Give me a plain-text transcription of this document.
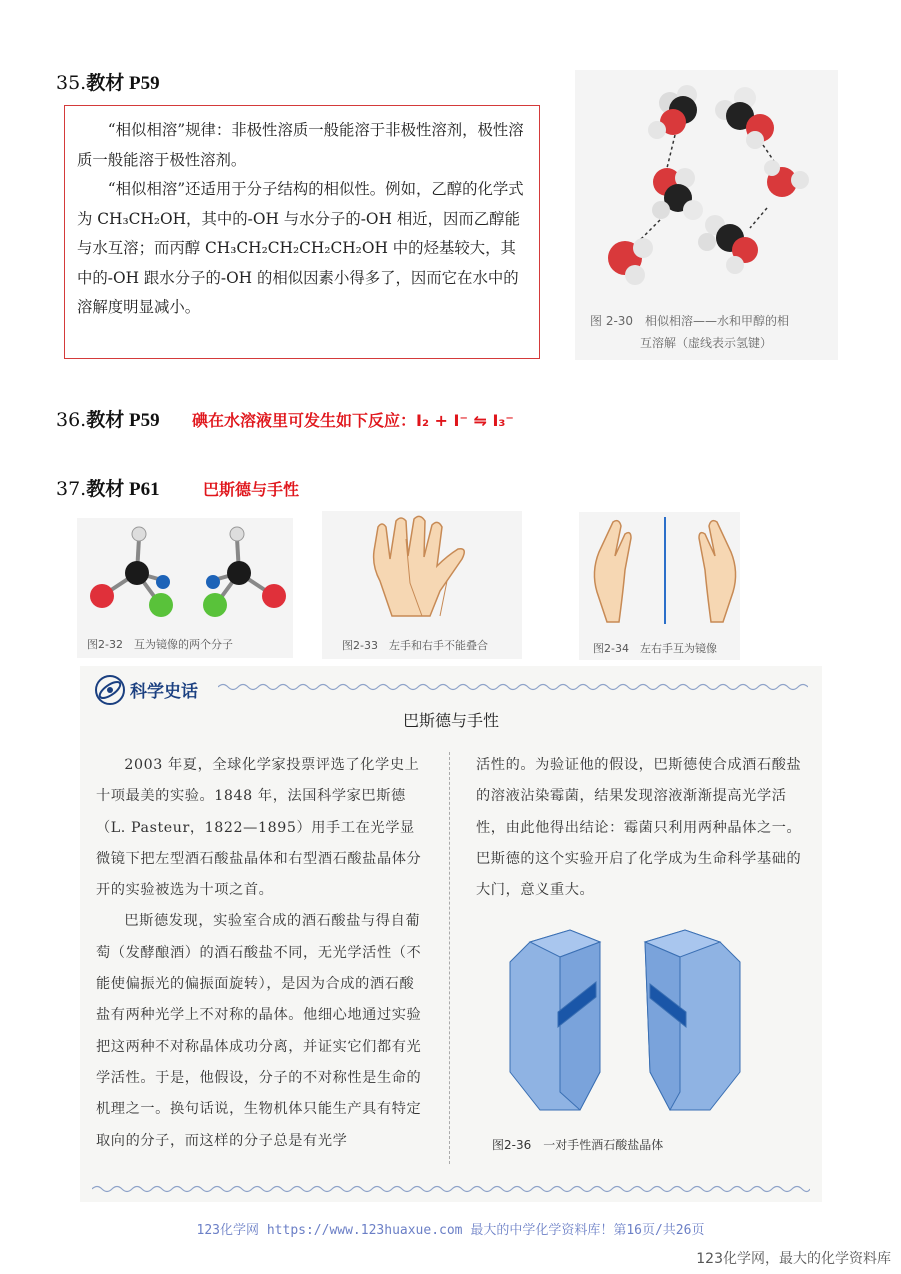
35.教材 P59

“相似相溶”规律：非极性溶质一般能溶于非极性溶剂，极性溶质一般能溶于极性溶剂。

“相似相溶”还适用于分子结构的相似性。例如，乙醇的化学式为 CH₃CH₂OH，其中的-OH 与水分子的-OH 相近，因而乙醇能与水互溶；而丙醇 CH₃CH₂CH₂CH₂CH₂OH 中的烃基较大，其中的-OH 跟水分子的-OH 的相似因素小得多了，因而它在水中的溶解度明显减小。

图 2-30　相似相溶——水和甲醇的相
互溶解（虚线表示氢键）
36.教材 P59 碘在水溶液里可发生如下反应：I₂ + I⁻ ⇋ I₃⁻
37.教材 P61	巴斯德与手性
图2-32　互为镜像的两个分子	图2-33　左手和右手不能叠合	图2-34　左右手互为镜像
科学史话
巴斯德与手性

2003 年夏，全球化学家投票评选了化学史上十项最美的实验。1848 年，法国科学家巴斯德（L. Pasteur，1822—1895）用手工在光学显微镜下把左型酒石酸盐晶体和右型酒石酸盐晶体分开的实验被选为十项之首。

巴斯德发现，实验室合成的酒石酸盐与得自葡萄（发酵酿酒）的酒石酸盐不同，无光学活性（不能使偏振光的偏振面旋转），是因为合成的酒石酸盐有两种光学上不对称的晶体。他细心地通过实验把这两种不对称晶体成功分离，并证实它们都有光学活性。于是，他假设，分子的不对称性是生命的机理之一。换句话说，生物机体只能生产具有特定取向的分子，而这样的分子总是有光学

活性的。为验证他的假设，巴斯德使合成酒石酸盐的溶液沾染霉菌，结果发现溶液渐渐提高光学活性，由此他得出结论：霉菌只利用两种晶体之一。巴斯德的这个实验开启了化学成为生命科学基础的大门，意义重大。

图2-36　一对手性酒石酸盐晶体
123化学网 https://www.123huaxue.com 最大的中学化学资料库！第16页/共26页
123化学网，最大的化学资料库
